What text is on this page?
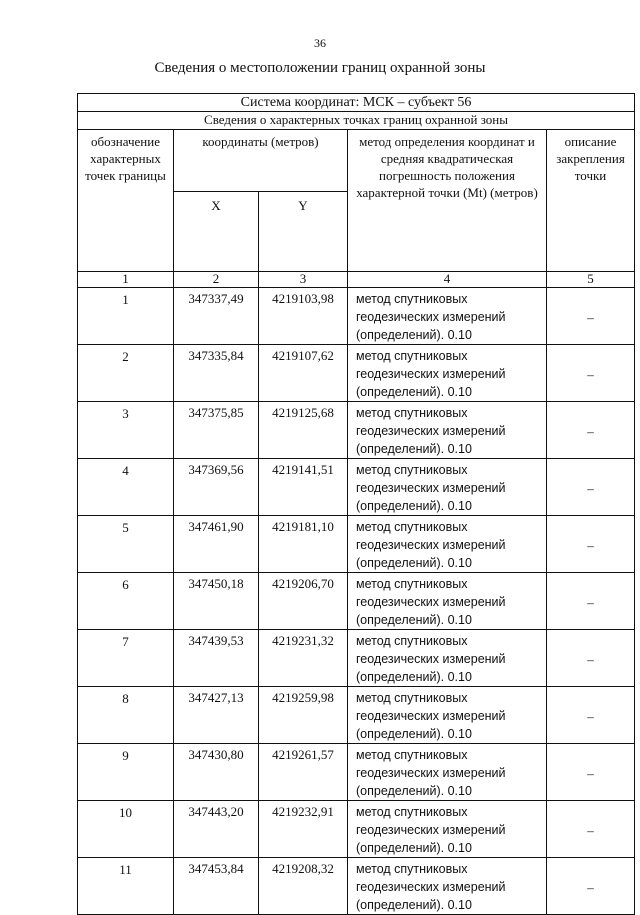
36
Сведения о местоположении границ охранной зоны
Система координат: МСК – субъект 56				
Сведения о характерных точках границ охранной зоны				
обозначение характерных точек границы	координаты (метров)		метод определения координат и средняя квадратическая погрешность положения характерной точки (Mt) (метров)	описание закрепления точки
	X	Y		
1	2	3	4	5
1	347337,49	4219103,98	метод спутниковых геодезических измерений (определений). 0.10	–
2	347335,84	4219107,62	метод спутниковых геодезических измерений (определений). 0.10	–
3	347375,85	4219125,68	метод спутниковых геодезических измерений (определений). 0.10	–
4	347369,56	4219141,51	метод спутниковых геодезических измерений (определений). 0.10	–
5	347461,90	4219181,10	метод спутниковых геодезических измерений (определений). 0.10	–
6	347450,18	4219206,70	метод спутниковых геодезических измерений (определений). 0.10	–
7	347439,53	4219231,32	метод спутниковых геодезических измерений (определений). 0.10	–
8	347427,13	4219259,98	метод спутниковых геодезических измерений (определений). 0.10	–
9	347430,80	4219261,57	метод спутниковых геодезических измерений (определений). 0.10	–
10	347443,20	4219232,91	метод спутниковых геодезических измерений (определений). 0.10	–
11	347453,84	4219208,32	метод спутниковых геодезических измерений (определений). 0.10	–
